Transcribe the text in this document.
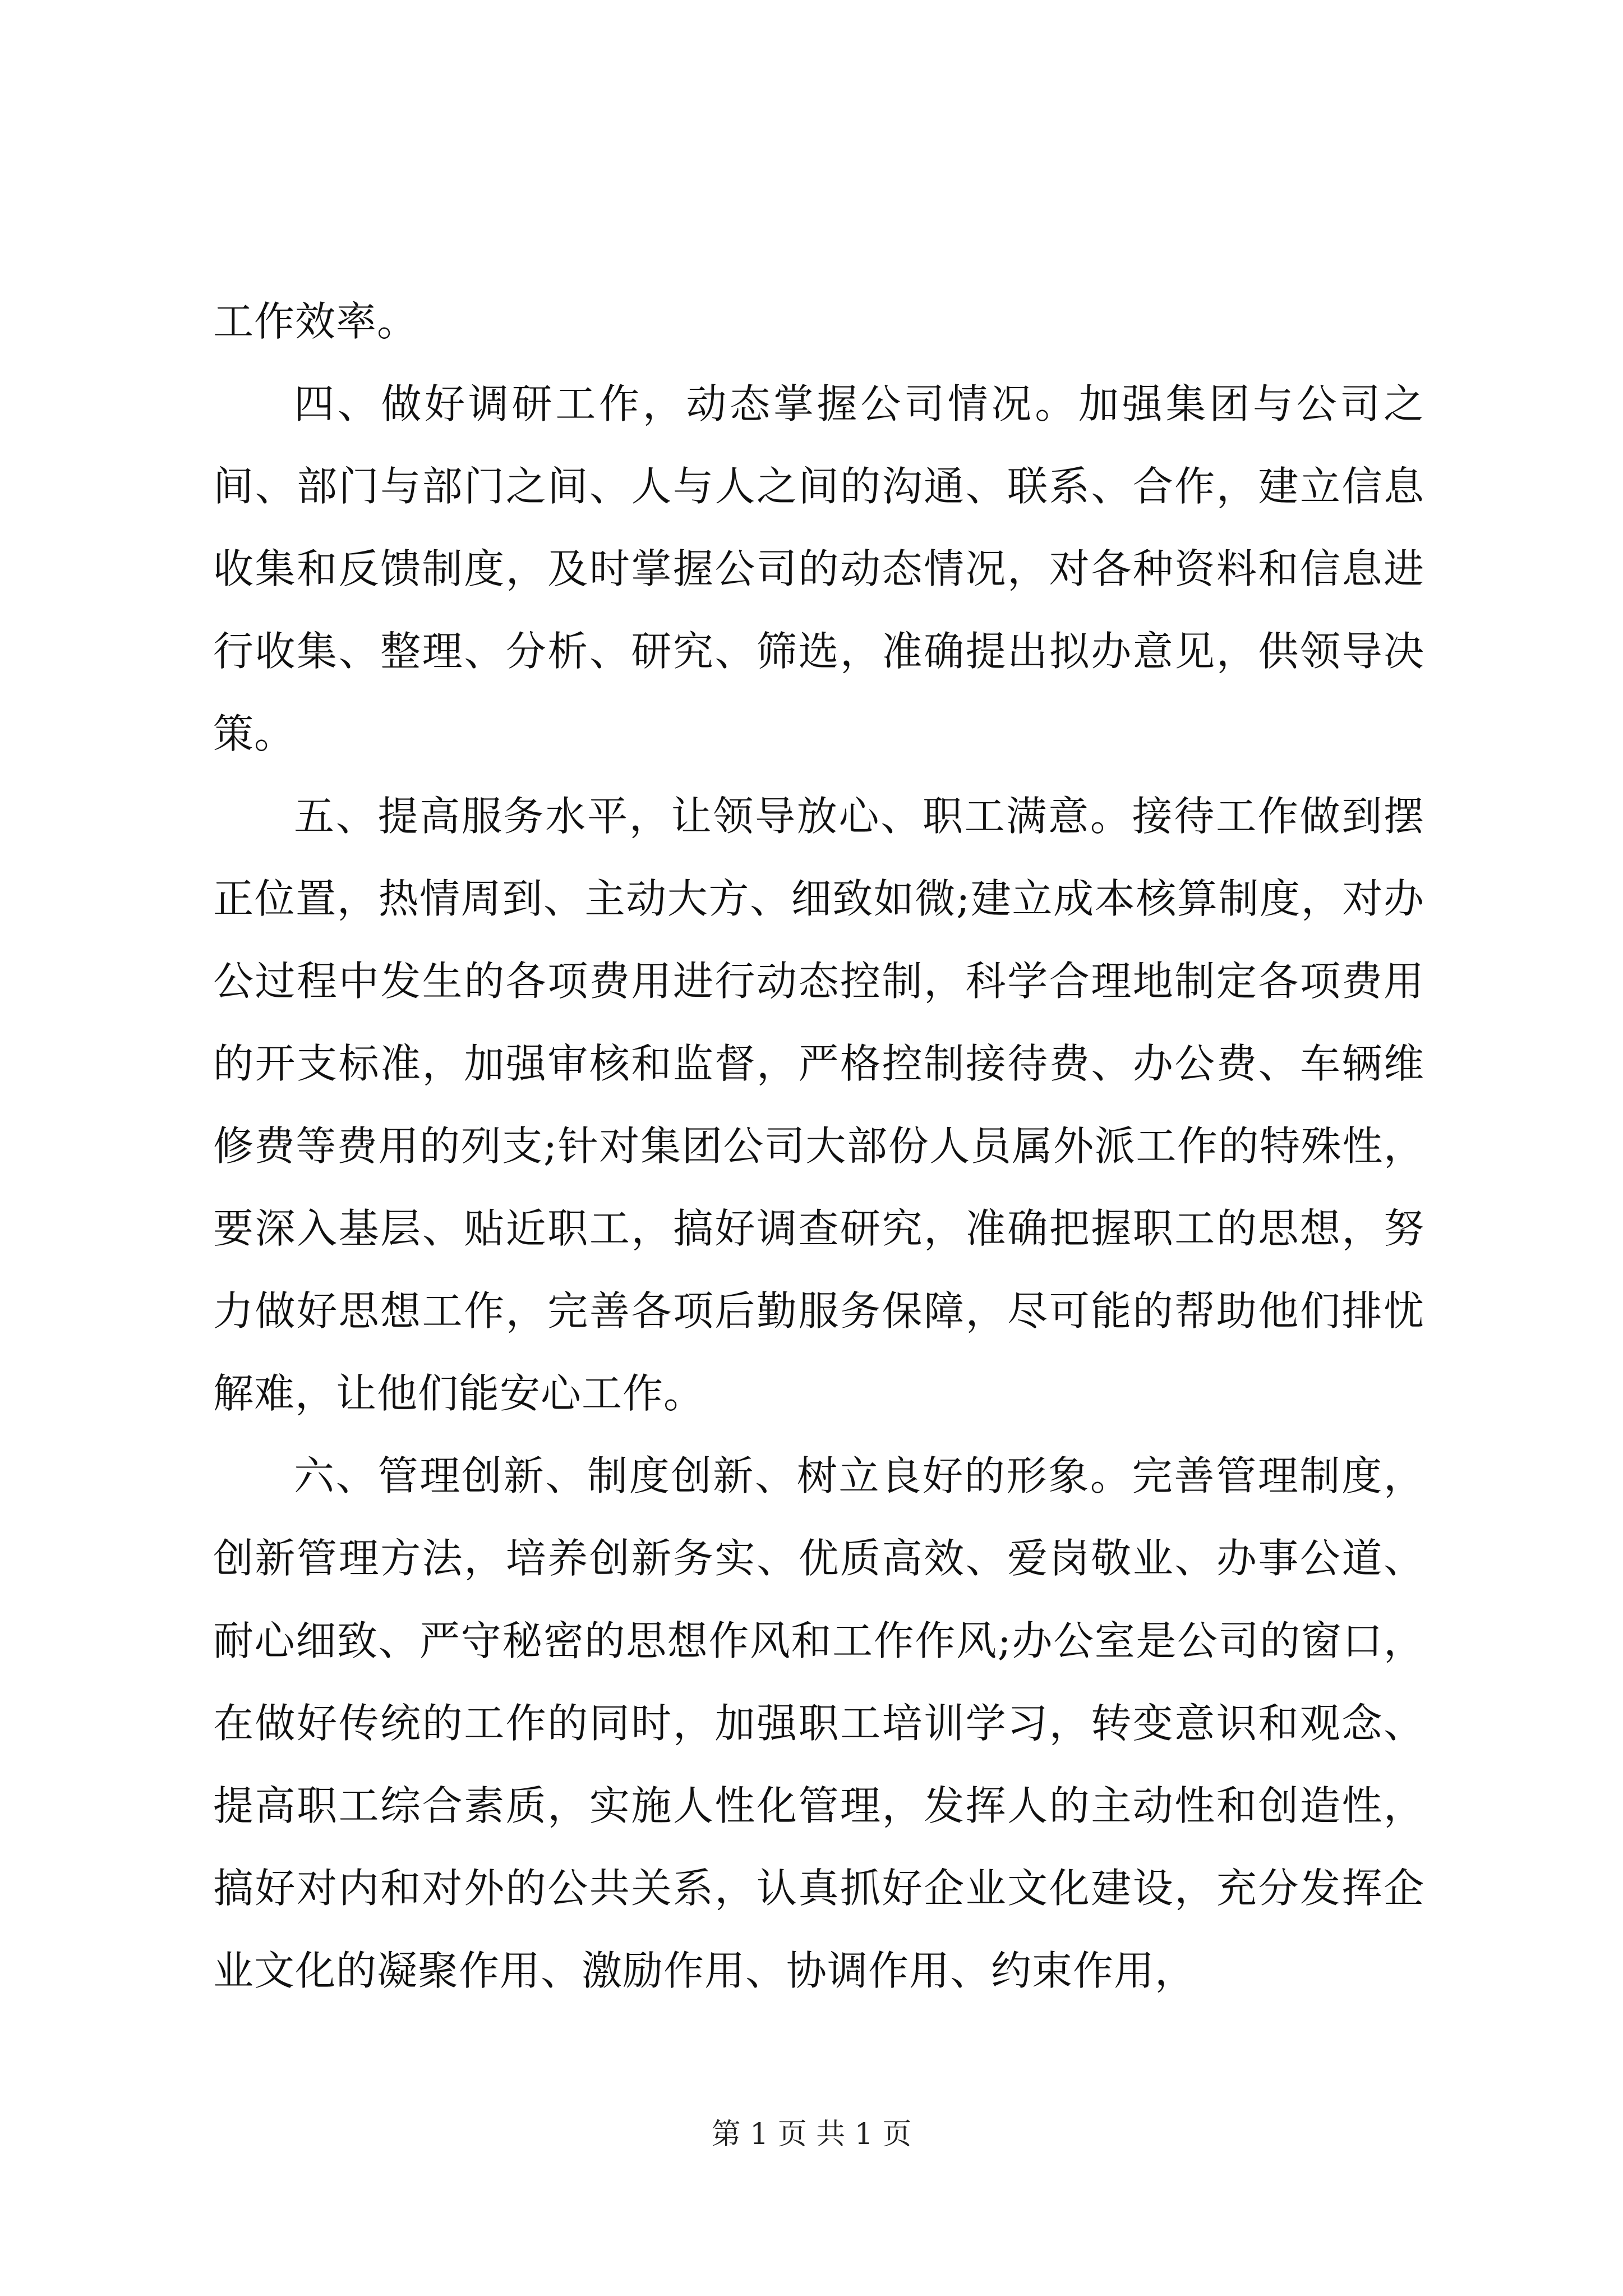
工作效率。

四、做好调研工作，动态掌握公司情况。加强集团与公司之间、部门与部门之间、人与人之间的沟通、联系、合作，建立信息收集和反馈制度，及时掌握公司的动态情况，对各种资料和信息进行收集、整理、分析、研究、筛选，准确提出拟办意见，供领导决策。

五、提高服务水平，让领导放心、职工满意。接待工作做到摆正位置，热情周到、主动大方、细致如微;建立成本核算制度，对办公过程中发生的各项费用进行动态控制，科学合理地制定各项费用的开支标准，加强审核和监督，严格控制接待费、办公费、车辆维修费等费用的列支;针对集团公司大部份人员属外派工作的特殊性，要深入基层、贴近职工，搞好调查研究，准确把握职工的思想，努力做好思想工作，完善各项后勤服务保障，尽可能的帮助他们排忧解难，让他们能安心工作。

六、管理创新、制度创新、树立良好的形象。完善管理制度，创新管理方法，培养创新务实、优质高效、爱岗敬业、办事公道、耐心细致、严守秘密的思想作风和工作作风;办公室是公司的窗口，在做好传统的工作的同时，加强职工培训学习，转变意识和观念、提高职工综合素质，实施人性化管理，发挥人的主动性和创造性，搞好对内和对外的公共关系，认真抓好企业文化建设，充分发挥企业文化的凝聚作用、激励作用、协调作用、约束作用，

第 1 页 共 1 页
